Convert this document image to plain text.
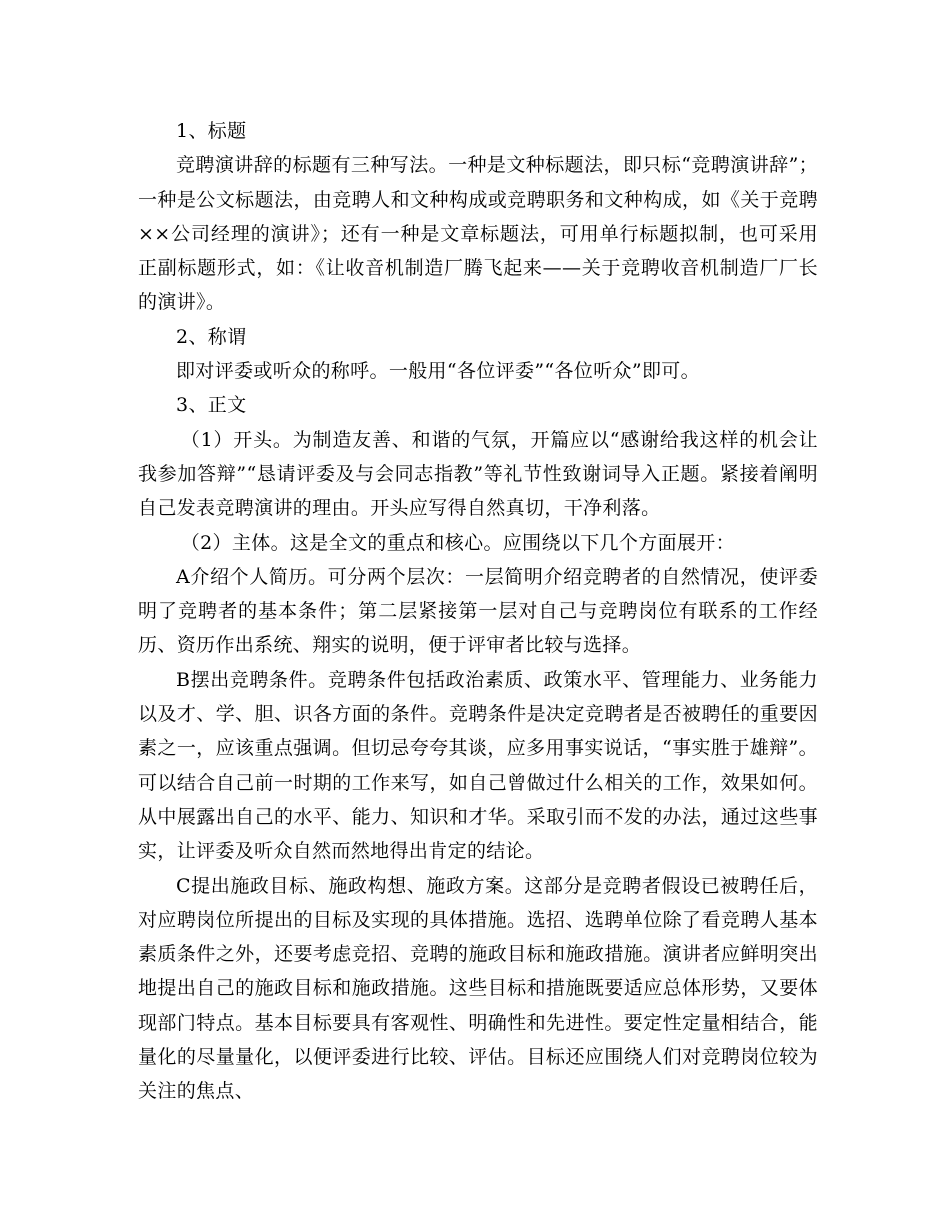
1、标题

竞聘演讲辞的标题有三种写法。一种是文种标题法，即只标“竞聘演讲辞”；一种是公文标题法，由竞聘人和文种构成或竞聘职务和文种构成，如《关于竞聘××公司经理的演讲》；还有一种是文章标题法，可用单行标题拟制，也可采用正副标题形式，如：《让收音机制造厂腾飞起来——关于竞聘收音机制造厂厂长的演讲》。

2、称谓

即对评委或听众的称呼。一般用“各位评委”“各位听众”即可。

3、正文

（1）开头。为制造友善、和谐的气氛，开篇应以“感谢给我这样的机会让我参加答辩”“恳请评委及与会同志指教”等礼节性致谢词导入正题。紧接着阐明自己发表竞聘演讲的理由。开头应写得自然真切，干净利落。

（2）主体。这是全文的重点和核心。应围绕以下几个方面展开：

A介绍个人简历。可分两个层次：一层简明介绍竞聘者的自然情况，使评委明了竞聘者的基本条件；第二层紧接第一层对自己与竞聘岗位有联系的工作经历、资历作出系统、翔实的说明，便于评审者比较与选择。

B摆出竞聘条件。竞聘条件包括政治素质、政策水平、管理能力、业务能力以及才、学、胆、识各方面的条件。竞聘条件是决定竞聘者是否被聘任的重要因素之一，应该重点强调。但切忌夸夸其谈，应多用事实说话，“事实胜于雄辩”。可以结合自己前一时期的工作来写，如自己曾做过什么相关的工作，效果如何。从中展露出自己的水平、能力、知识和才华。采取引而不发的办法，通过这些事实，让评委及听众自然而然地得出肯定的结论。

C提出施政目标、施政构想、施政方案。这部分是竞聘者假设已被聘任后，对应聘岗位所提出的目标及实现的具体措施。选招、选聘单位除了看竞聘人基本素质条件之外，还要考虑竞招、竞聘的施政目标和施政措施。演讲者应鲜明突出地提出自己的施政目标和施政措施。这些目标和措施既要适应总体形势，又要体现部门特点。基本目标要具有客观性、明确性和先进性。要定性定量相结合，能量化的尽量量化，以便评委进行比较、评估。目标还应围绕人们对竞聘岗位较为关注的焦点、
